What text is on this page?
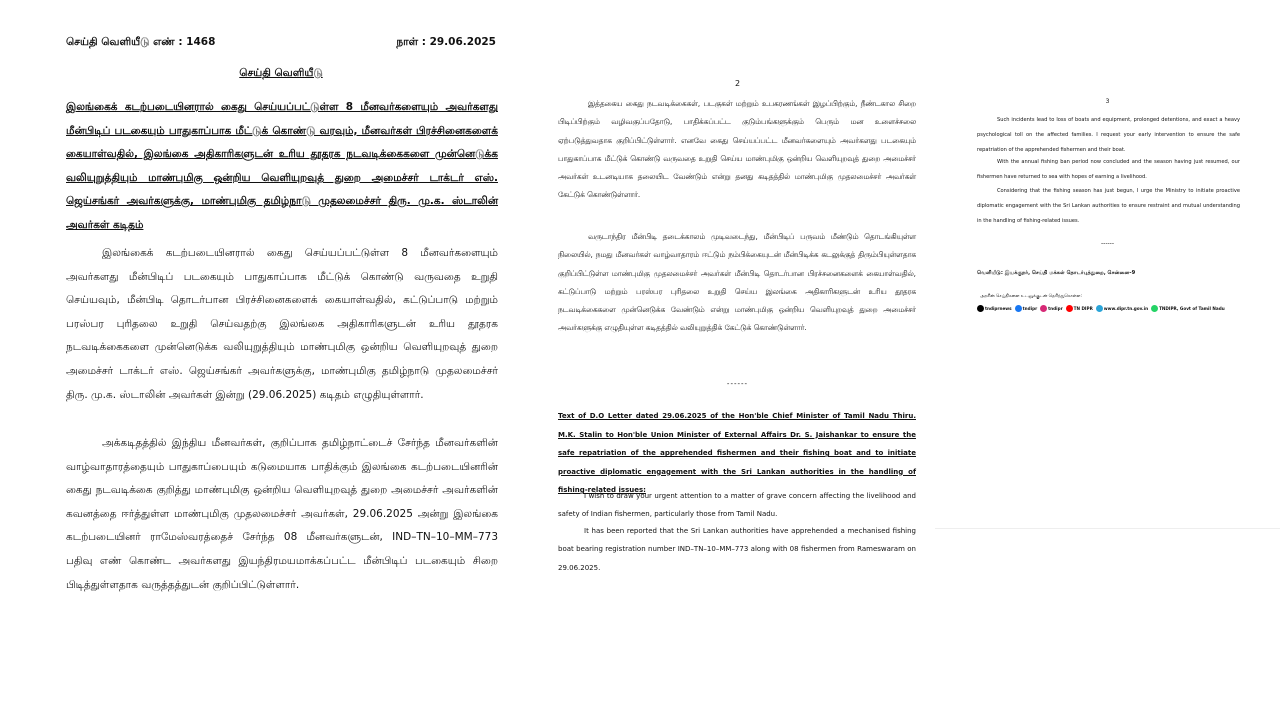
செய்தி வெளியீடு எண் : 1468	நாள் : 29.06.2025
செய்தி வெளியீடு

இலங்கைக் கடற்படையினரால் கைது செய்யப்பட்டுள்ள 8 மீனவர்களையும் அவர்களது மீன்பிடிப் படகையும் பாதுகாப்பாக மீட்டுக் கொண்டு வரவும், மீனவர்கள் பிரச்சினைகளைக் கையாள்வதில், இலங்கை அதிகாரிகளுடன் உரிய தூதரக நடவடிக்கைகளை முன்னெடுக்க வலியுறுத்தியும் மாண்புமிகு ஒன்றிய வெளியுறவுத் துறை அமைச்சர் டாக்டர் எஸ். ஜெய்சங்கர் அவர்களுக்கு, மாண்புமிகு தமிழ்நாடு முதலமைச்சர் திரு. மு.க. ஸ்டாலின் அவர்கள் கடிதம்

இலங்கைக் கடற்படையினரால் கைது செய்யப்பட்டுள்ள 8 மீனவர்களையும் அவர்களது மீன்பிடிப் படகையும் பாதுகாப்பாக மீட்டுக் கொண்டு வருவதை உறுதி செய்யவும், மீன்பிடி தொடர்பான பிரச்சினைகளைக் கையாள்வதில், கட்டுப்பாடு மற்றும் பரஸ்பர புரிதலை உறுதி செய்வதற்கு இலங்கை அதிகாரிகளுடன் உரிய தூதரக நடவடிக்கைகளை முன்னெடுக்க வலியுறுத்தியும் மாண்புமிகு ஒன்றிய வெளியுறவுத் துறை அமைச்சர் டாக்டர் எஸ். ஜெய்சங்கர் அவர்களுக்கு, மாண்புமிகு தமிழ்நாடு முதலமைச்சர் திரு. மு.க. ஸ்டாலின் அவர்கள் இன்று (29.06.2025) கடிதம் எழுதியுள்ளார்.

அக்கடிதத்தில் இந்திய மீனவர்கள், குறிப்பாக தமிழ்நாட்டைச் சேர்ந்த மீனவர்களின் வாழ்வாதாரத்தையும் பாதுகாப்பையும் கடுமையாக பாதிக்கும் இலங்கை கடற்படையினரின் கைது நடவடிக்கை குறித்து மாண்புமிகு ஒன்றிய வெளியுறவுத் துறை அமைச்சர் அவர்களின் கவனத்தை ஈர்த்துள்ள மாண்புமிகு முதலமைச்சர் அவர்கள், 29.06.2025 அன்று இலங்கை கடற்படையினர் ராமேஸ்வரத்தைச் சேர்ந்த 08 மீனவர்களுடன், IND–TN–10–MM–773 பதிவு எண் கொண்ட அவர்களது இயந்திரமயமாக்கப்பட்ட மீன்பிடிப் படகையும் சிறை பிடித்துள்ளதாக வருத்தத்துடன் குறிப்பிட்டுள்ளார்.

2

இத்தகைய கைது நடவடிக்கைகள், படகுகள் மற்றும் உபகரணங்கள் இழப்பிற்கும், நீண்டகால சிறை பிடிப்பிற்கும் வழிவகுப்பதோடு, பாதிக்கப்பட்ட குடும்பங்களுக்கும் பெரும் மன உளைச்சலை ஏற்படுத்துவதாக குறிப்பிட்டுள்ளார். எனவே கைது செய்யப்பட்ட மீனவர்களையும் அவர்களது படகையும் பாதுகாப்பாக மீட்டுக் கொண்டு வருவதை உறுதி செய்ய மாண்புமிகு ஒன்றிய வெளியுறவுத் துறை அமைச்சர் அவர்கள் உடனடியாக தலையிட வேண்டும் என்று தனது கடிதத்தில் மாண்புமிகு முதலமைச்சர் அவர்கள் கேட்டுக் கொண்டுள்ளார்.

வருடாந்திர மீன்பிடி தடைக்காலம் முடிவடைந்து, மீன்பிடிப் பருவம் மீண்டும் தொடங்கியுள்ள நிலையில், நமது மீனவர்கள் வாழ்வாதாரம் ஈட்டும் நம்பிக்கையுடன் மீன்பிடிக்க கடலுக்குத் திரும்பியுள்ளதாக குறிப்பிட்டுள்ள மாண்புமிகு முதலமைச்சர் அவர்கள் மீன்பிடி தொடர்பான பிரச்சனைகளைக் கையாள்வதில், கட்டுப்பாடு மற்றும் பரஸ்பர புரிதலை உறுதி செய்ய இலங்கை அதிகாரிகளுடன் உரிய தூதரக நடவடிக்கைகளை முன்னெடுக்க வேண்டும் என்று மாண்புமிகு ஒன்றிய வெளியுறவுத் துறை அமைச்சர் அவர்களுக்கு எழுதியுள்ள கடிதத்தில் வலியுறுத்திக் கேட்டுக் கொண்டுள்ளார்.

------

Text of D.O Letter dated 29.06.2025 of the Hon'ble Chief Minister of Tamil Nadu Thiru. M.K. Stalin to Hon'ble Union Minister of External Affairs Dr. S. Jaishankar to ensure the safe repatriation of the apprehended fishermen and their fishing boat and to initiate proactive diplomatic engagement with the Sri Lankan authorities in the handling of fishing-related issues:

I wish to draw your urgent attention to a matter of grave concern affecting the livelihood and safety of Indian fishermen, particularly those from Tamil Nadu.

It has been reported that the Sri Lankan authorities have apprehended a mechanised fishing boat bearing registration number IND–TN–10–MM–773 along with 08 fishermen from Rameswaram on 29.06.2025.

3

Such incidents lead to loss of boats and equipment, prolonged detentions, and exact a heavy psychological toll on the affected families. I request your early intervention to ensure the safe repatriation of the apprehended fishermen and their boat.

With the annual fishing ban period now concluded and the season having just resumed, our fishermen have returned to sea with hopes of earning a livelihood.

Considering that the fishing season has just begun, I urge the Ministry to initiate proactive diplomatic engagement with the Sri Lankan authorities to ensure restraint and mutual understanding in the handling of fishing-related issues.

------
வெளியீடு: இயக்குநர், செய்தி மக்கள் தொடர்புத்துறை, சென்னை-9
அரசின் செய்திகளை உடனுக்குடன் தெரிந்துகொள்ள:
tndiprnews	tndipr	tndipr	TN DIPR	www.dipr.tn.gov.in	TNDIPR, Govt of Tamil Nadu
